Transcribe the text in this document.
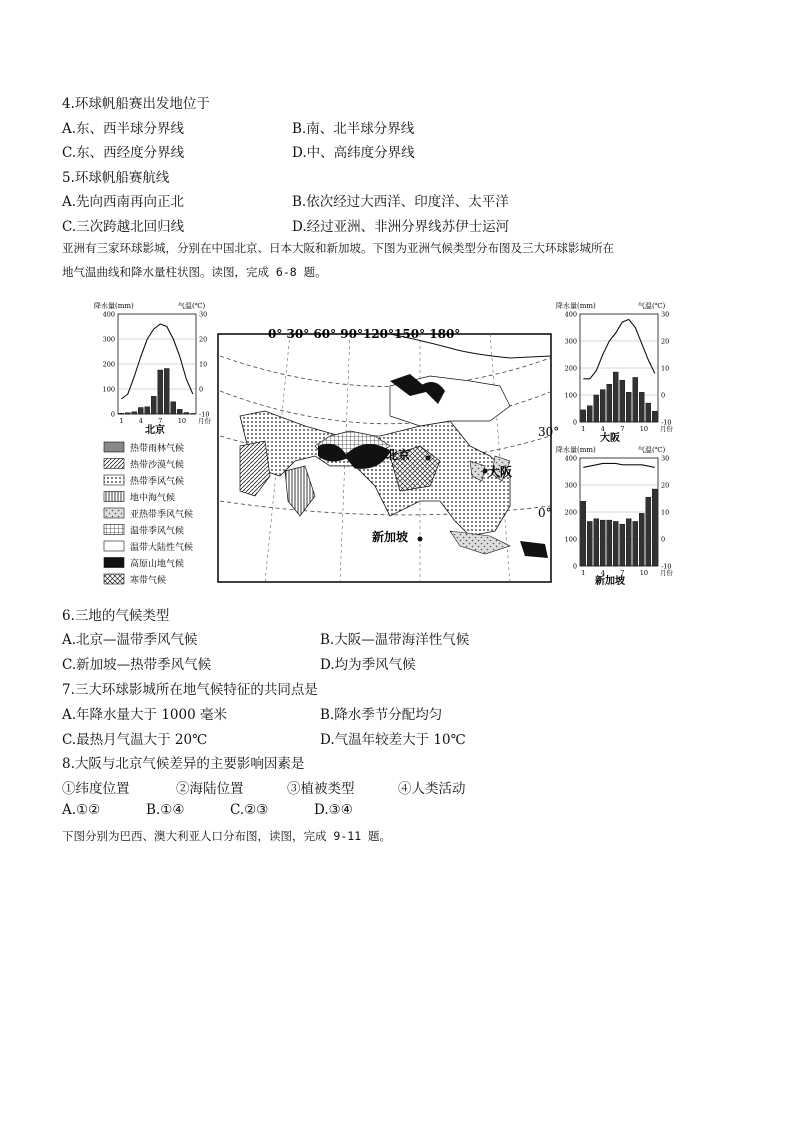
4.环球帆船赛出发地位于
A.东、西半球分界线	B.南、北半球分界线
C.东、西经度分界线	D.中、高纬度分界线
5.环球帆船赛航线
A.先向西南再向正北	B.依次经过大西洋、印度洋、太平洋
C.三次跨越北回归线	D.经过亚洲、非洲分界线苏伊士运河
亚洲有三家环球影城，分别在中国北京、日本大阪和新加坡。下图为亚洲气候类型分布图及三大环球影城所在
地气温曲线和降水量柱状图。读图，完成 6-8 题。
降水量(mm)	气温(℃)
400
300
200
100
0
30
20
10
0
-10
1 4 7 10 月份
北京
热带雨林气候
热带沙漠气候
热带季风气候
地中海气候
亚热带季风气候
温带季风气候
温带大陆性气候
高原山地气候
寒带气候
0° 30° 60° 90°120°150° 180°
北京
大阪
新加坡
30°
0°
降水量(mm)	气温(℃)
400
300
200
100
0
30
20
10
0
-10
1 4 7 10 月份
大阪
降水量(mm)	气温(℃)
400
300
200
100
0
30
20
10
0
-10
1 4 7 10 月份
新加坡
6.三地的气候类型
A.北京—温带季风气候	B.大阪—温带海洋性气候
C.新加坡—热带季风气候	D.均为季风气候
7.三大环球影城所在地气候特征的共同点是
A.年降水量大于 1000 毫米	B.降水季节分配均匀
C.最热月气温大于 20℃	D.气温年较差大于 10℃
8.大阪与北京气候差异的主要影响因素是
①纬度位置	②海陆位置	③植被类型	④人类活动
A.①②	B.①④	C.②③	D.③④
下图分别为巴西、澳大利亚人口分布图，读图，完成 9-11 题。
